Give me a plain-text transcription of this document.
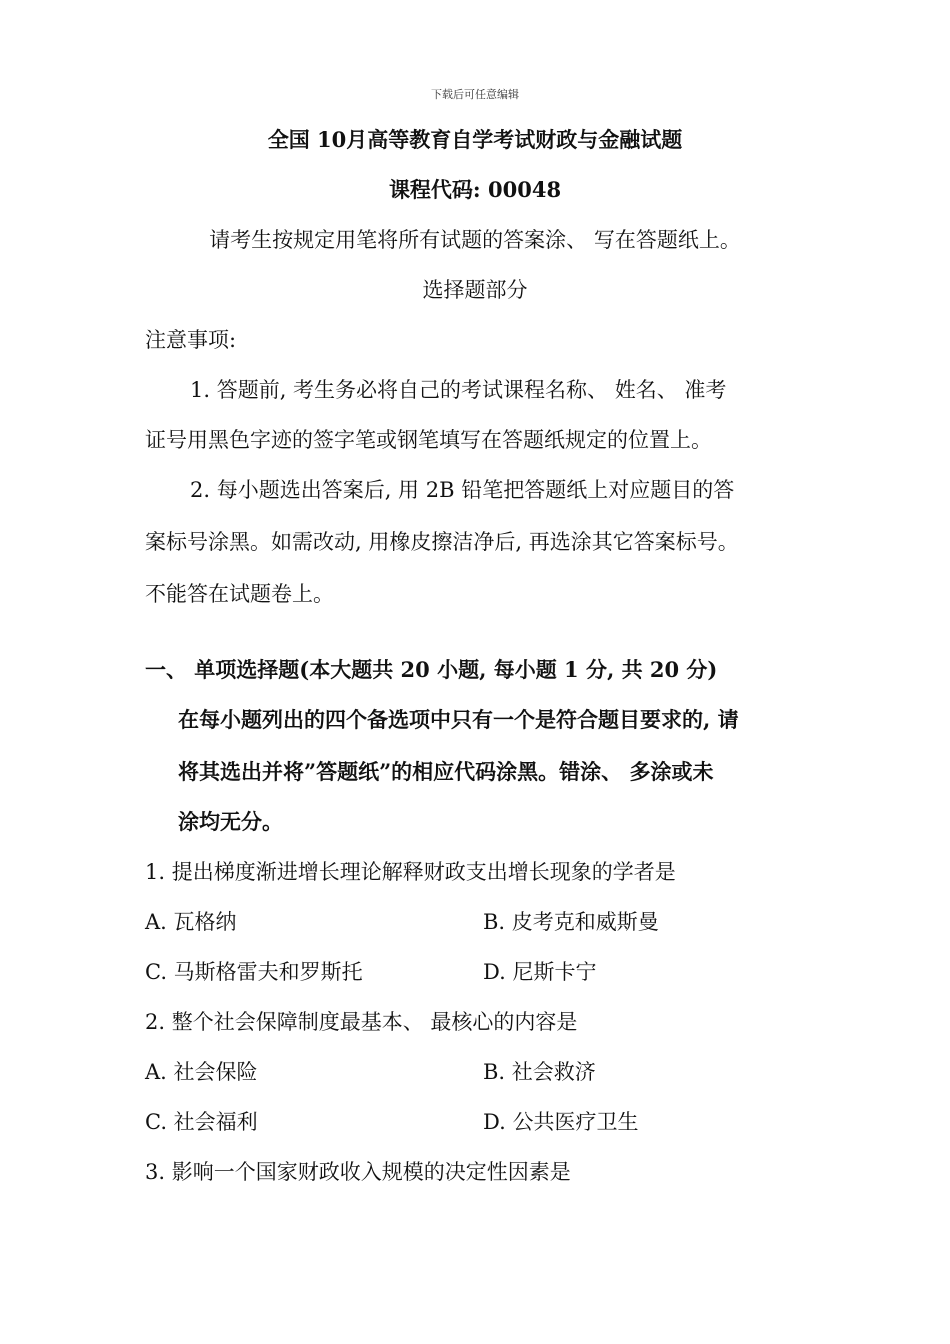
下载后可任意编辑
全国 10月高等教育自学考试财政与金融试题
课程代码: 00048
请考生按规定用笔将所有试题的答案涂、 写在答题纸上。
选择题部分
注意事项:
1. 答题前, 考生务必将自己的考试课程名称、 姓名、 准考
证号用黑色字迹的签字笔或钢笔填写在答题纸规定的位置上。
2. 每小题选出答案后, 用 2B 铅笔把答题纸上对应题目的答
案标号涂黑。如需改动, 用橡皮擦洁净后, 再选涂其它答案标号。
不能答在试题卷上。
一、 单项选择题(本大题共 20 小题, 每小题 1 分, 共 20 分)
在每小题列出的四个备选项中只有一个是符合题目要求的, 请
将其选出并将”答题纸”的相应代码涂黑。错涂、 多涂或未
涂均无分。
1. 提出梯度渐进增长理论解释财政支出增长现象的学者是
A. 瓦格纳	B. 皮考克和威斯曼
C. 马斯格雷夫和罗斯托	D. 尼斯卡宁
2. 整个社会保障制度最基本、 最核心的内容是
A. 社会保险	B. 社会救济
C. 社会福利	D. 公共医疗卫生
3. 影响一个国家财政收入规模的决定性因素是
